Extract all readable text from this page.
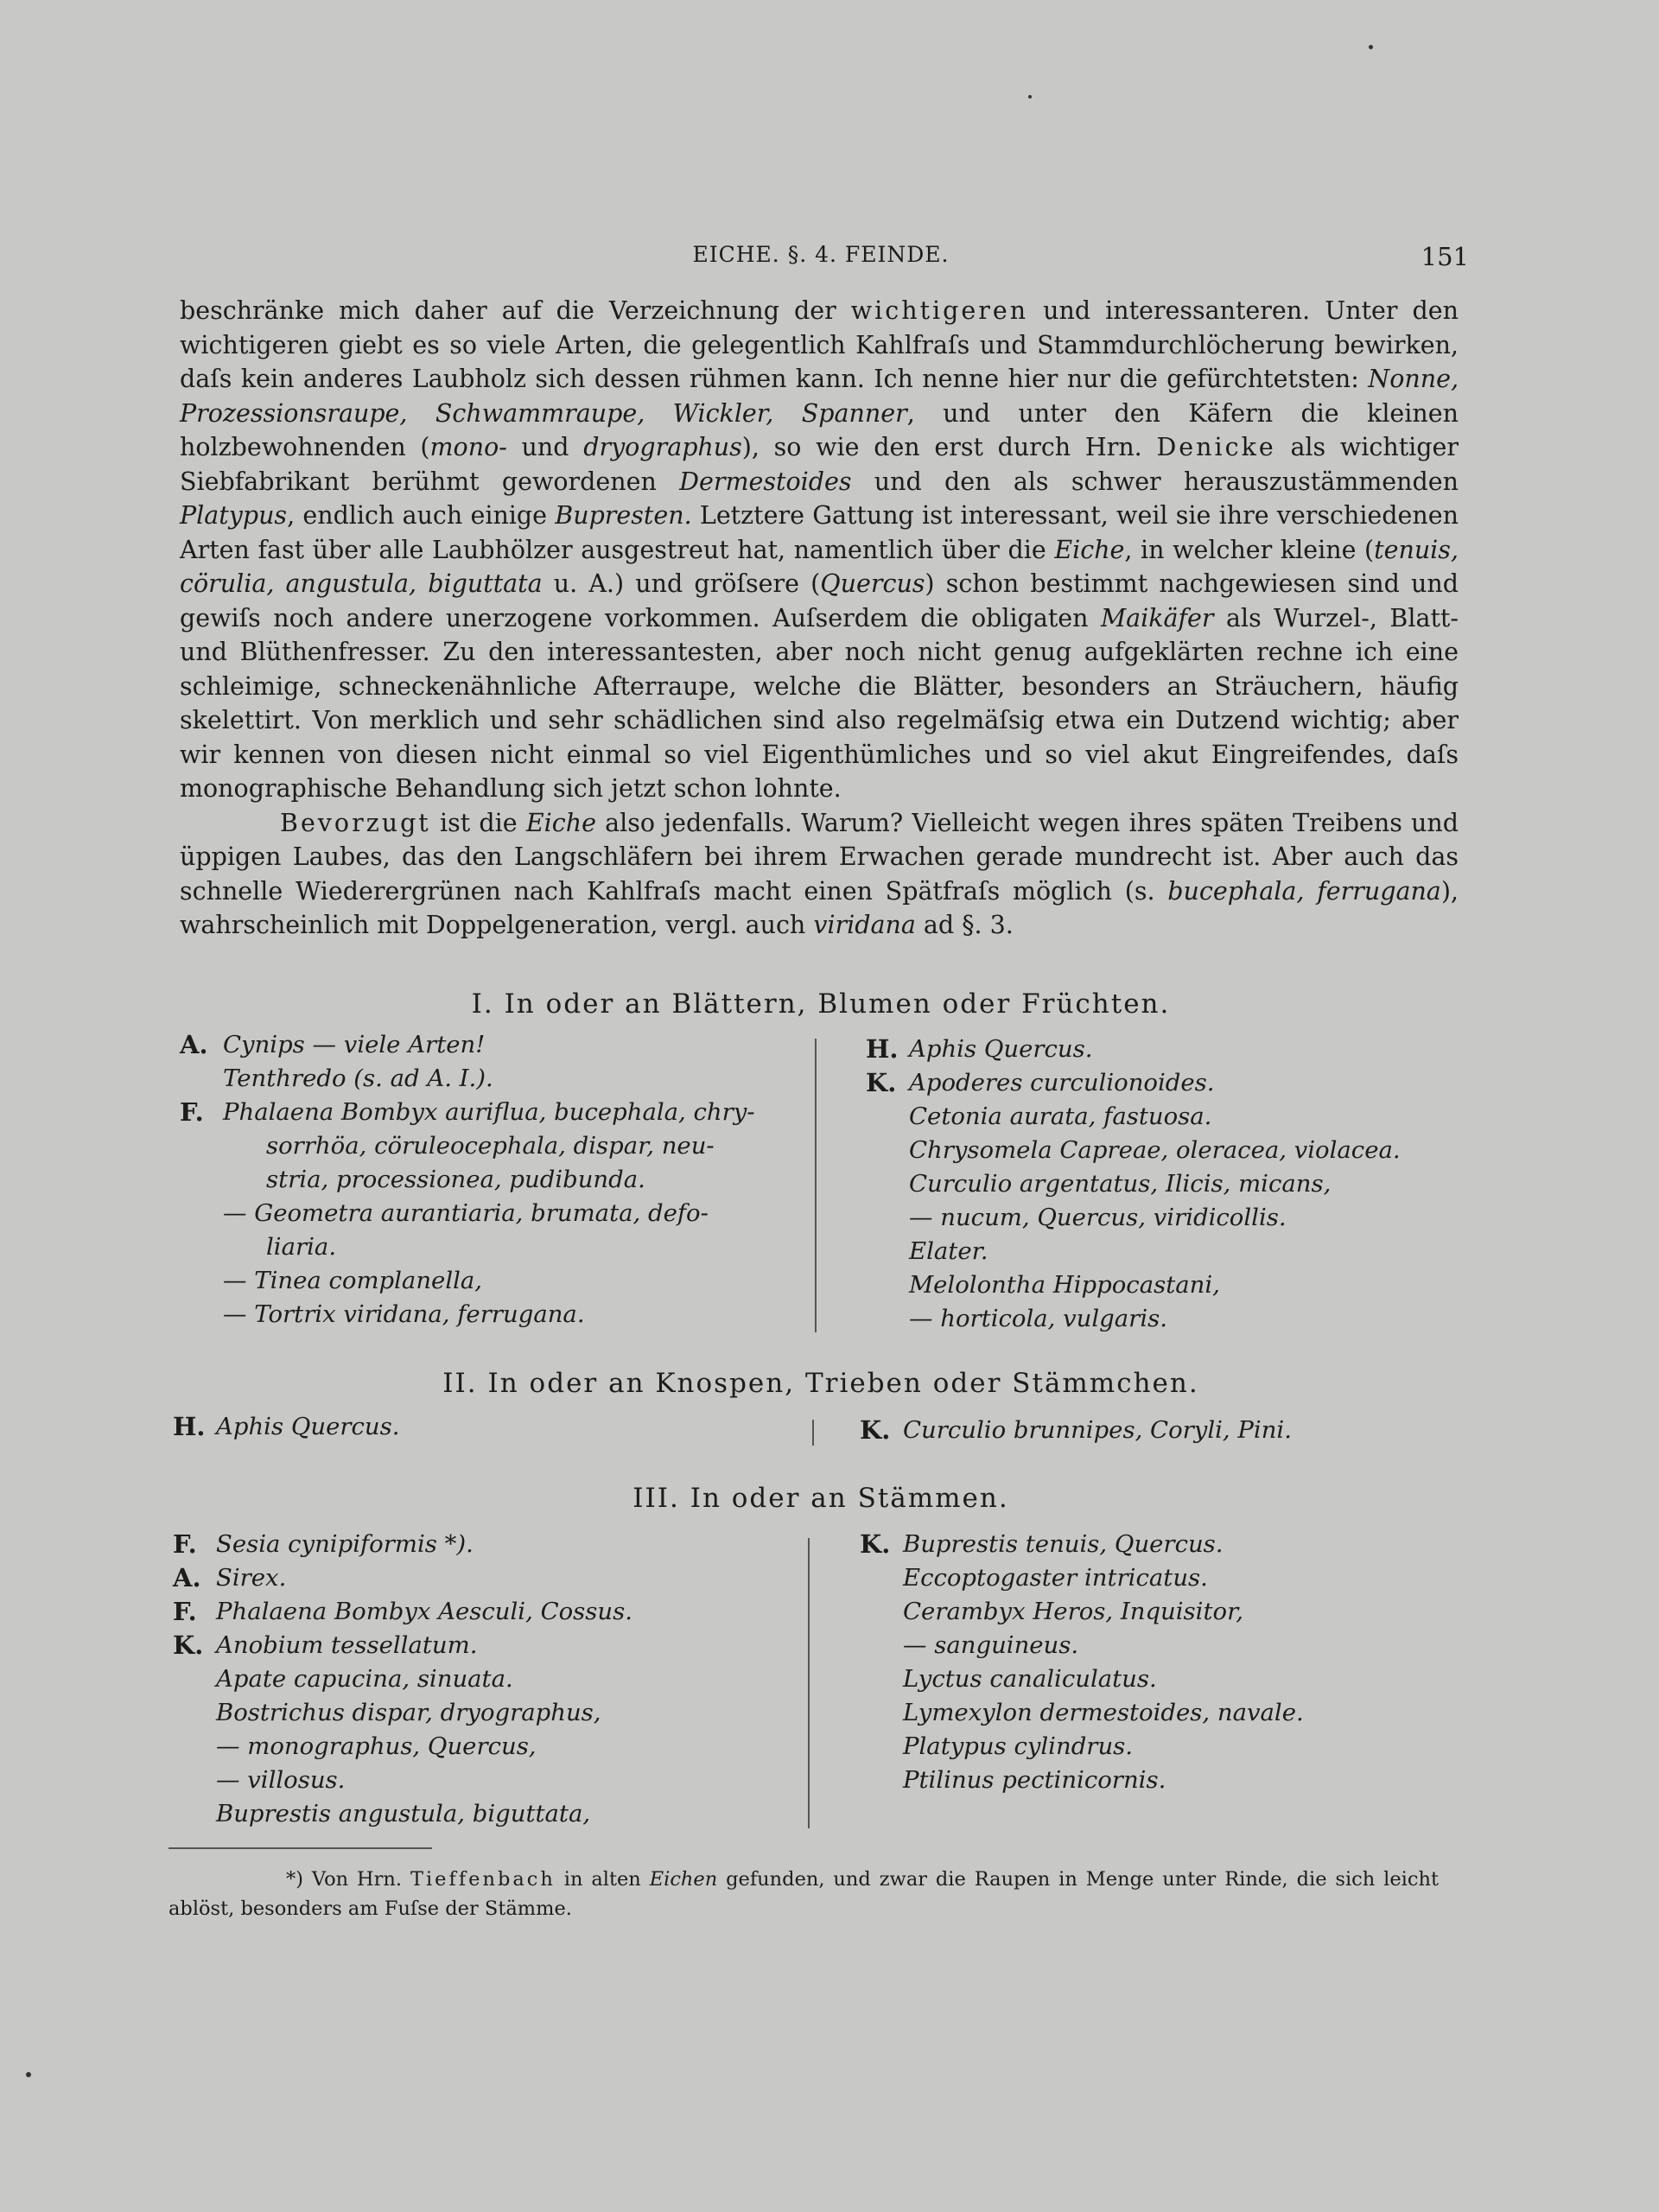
EICHE. §. 4. FEINDE.	151

beschränke mich daher auf die Verzeichnung der wichtigeren und interessanteren. Unter den wichtigeren giebt es so viele Arten, die gelegentlich Kahlfraſs und Stammdurchlöcherung bewirken, daſs kein anderes Laubholz sich dessen rühmen kann. Ich nenne hier nur die gefürchtetsten: Nonne, Prozessionsraupe, Schwammraupe, Wickler, Spanner, und unter den Käfern die kleinen holzbewohnenden (mono- und dryographus), so wie den erst durch Hrn. Denicke als wichtiger Siebfabrikant berühmt gewordenen Dermestoides und den als schwer herauszustämmenden Platypus, endlich auch einige Bupresten. Letztere Gattung ist interessant, weil sie ihre verschiedenen Arten fast über alle Laubhölzer ausgestreut hat, namentlich über die Eiche, in welcher kleine (tenuis, cörulia, angustula, biguttata u. A.) und gröſsere (Quercus) schon bestimmt nachgewiesen sind und gewiſs noch andere unerzogene vorkommen. Auſserdem die obligaten Maikäfer als Wurzel-, Blatt- und Blüthenfresser. Zu den interessantesten, aber noch nicht genug aufgeklärten rechne ich eine schleimige, schneckenähnliche Afterraupe, welche die Blätter, besonders an Sträuchern, häufig skelettirt. Von merklich und sehr schädlichen sind also regelmäſsig etwa ein Dutzend wichtig; aber wir kennen von diesen nicht einmal so viel Eigenthümliches und so viel akut Eingreifendes, daſs monographische Behandlung sich jetzt schon lohnte.

Bevorzugt ist die Eiche also jedenfalls. Warum? Vielleicht wegen ihres späten Treibens und üppigen Laubes, das den Langschläfern bei ihrem Erwachen gerade mundrecht ist. Aber auch das schnelle Wiederergrünen nach Kahlfraſs macht einen Spätfraſs möglich (s. bucephala, ferrugana), wahrscheinlich mit Doppelgeneration, vergl. auch viridana ad §. 3.

I. In oder an Blättern, Blumen oder Früchten.
A. Cynips — viele Arten!
Tenthredo (s. ad A. I.).
F. Phalaena Bombyx auriflua, bucephala, chry-
sorrhöa, cöruleocephala, dispar, neu-
stria, processionea, pudibunda.
— Geometra aurantiaria, brumata, defo-
liaria.
— Tinea complanella,
— Tortrix viridana, ferrugana.
H. Aphis Quercus.
K. Apoderes curculionoides.
Cetonia aurata, fastuosa.
Chrysomela Capreae, oleracea, violacea.
Curculio argentatus, Ilicis, micans,
— nucum, Quercus, viridicollis.
Elater.
Melolontha Hippocastani,
— horticola, vulgaris.
II. In oder an Knospen, Trieben oder Stämmchen.
H. Aphis Quercus.	K. Curculio brunnipes, Coryli, Pini.
III. In oder an Stämmen.
F. Sesia cynipiformis *).
A. Sirex.
F. Phalaena Bombyx Aesculi, Cossus.
K. Anobium tessellatum.
Apate capucina, sinuata.
Bostrichus dispar, dryographus,
— monographus, Quercus,
— villosus.
Buprestis angustula, biguttata,
K. Buprestis tenuis, Quercus.
Eccoptogaster intricatus.
Cerambyx Heros, Inquisitor,
— sanguineus.
Lyctus canaliculatus.
Lymexylon dermestoides, navale.
Platypus cylindrus.
Ptilinus pectinicornis.
*) Von Hrn. Tieffenbach in alten Eichen gefunden, und zwar die Raupen in Menge unter Rinde, die sich leicht ablöst, besonders am Fuſse der Stämme.
